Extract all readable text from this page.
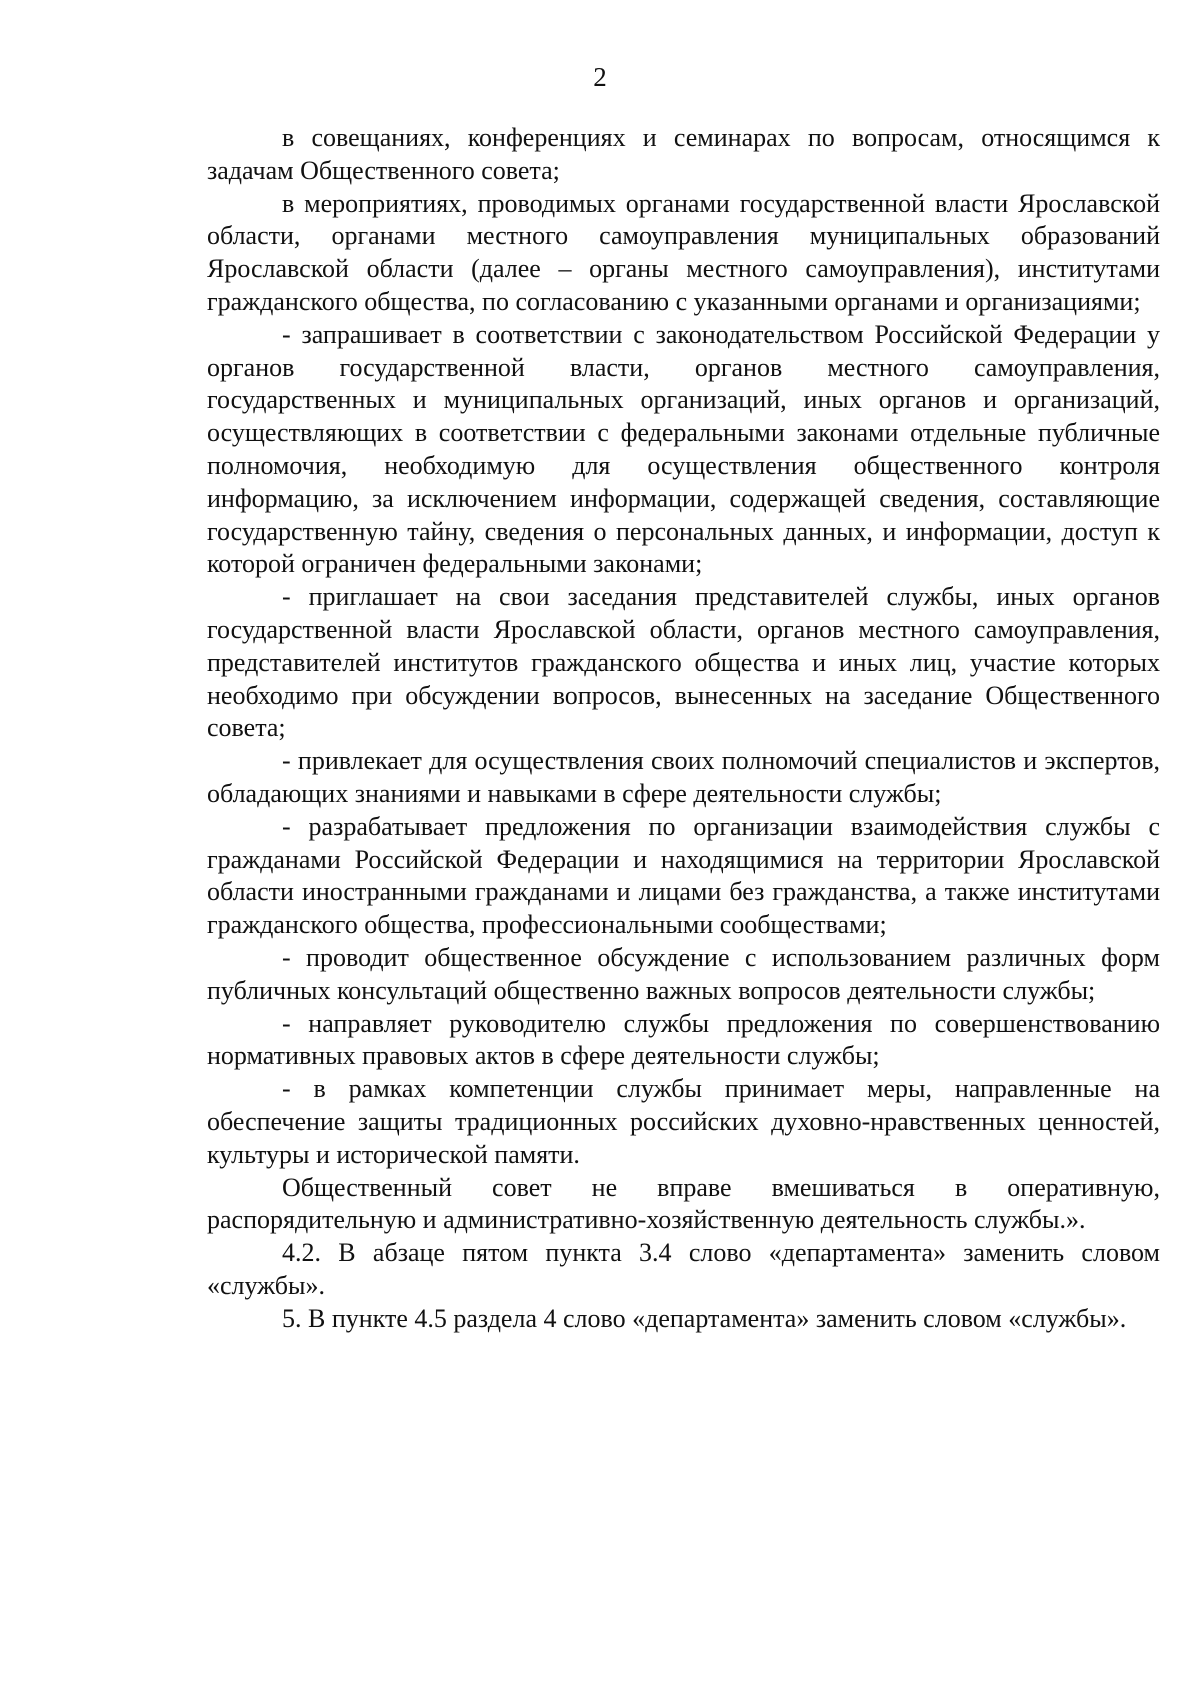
2

в совещаниях, конференциях и семинарах по вопросам, относящимся к задачам Общественного совета;

в мероприятиях, проводимых органами государственной власти Ярославской области, органами местного самоуправления муниципальных образований Ярославской области (далее – органы местного самоуправления), институтами гражданского общества, по согласованию с указанными органами и организациями;

- запрашивает в соответствии с законодательством Российской Федерации у органов государственной власти, органов местного самоуправления, государственных и муниципальных организаций, иных органов и организаций, осуществляющих в соответствии с федеральными законами отдельные публичные полномочия, необходимую для осуществления общественного контроля информацию, за исключением информации, содержащей сведения, составляющие государственную тайну, сведения о персональных данных, и информации, доступ к которой ограничен федеральными законами;

- приглашает на свои заседания представителей службы, иных органов государственной власти Ярославской области, органов местного самоуправления, представителей институтов гражданского общества и иных лиц, участие которых необходимо при обсуждении вопросов, вынесенных на заседание Общественного совета;

- привлекает для осуществления своих полномочий специалистов и экспертов, обладающих знаниями и навыками в сфере деятельности службы;

- разрабатывает предложения по организации взаимодействия службы с гражданами Российской Федерации и находящимися на территории Ярославской области иностранными гражданами и лицами без гражданства, а также институтами гражданского общества, профессиональными сообществами;

- проводит общественное обсуждение с использованием различных форм публичных консультаций общественно важных вопросов деятельности службы;

- направляет руководителю службы предложения по совершенствованию нормативных правовых актов в сфере деятельности службы;

- в рамках компетенции службы принимает меры, направленные на обеспечение защиты традиционных российских духовно-нравственных ценностей, культуры и исторической памяти.

Общественный совет не вправе вмешиваться в оперативную, распорядительную и административно-хозяйственную деятельность службы.».

4.2. В абзаце пятом пункта 3.4 слово «департамента» заменить словом «службы».

5. В пункте 4.5 раздела 4 слово «департамента» заменить словом «службы».
